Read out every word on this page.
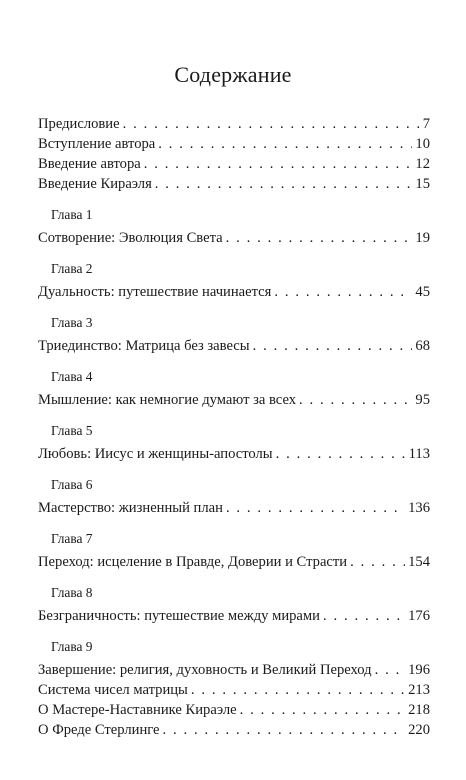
Содержание
Предисловие . . .	7
Вступление автора . . .	10
Введение автора . . .	12
Введение Кираэля . . .	15
Глава 1
Сотворение: Эволюция Света . . .	19
Глава 2
Дуальность: путешествие начинается . . .	45
Глава 3
Триединство: Матрица без завесы . . .	68
Глава 4
Мышление: как немногие думают за всех . . .	95
Глава 5
Любовь: Иисус и женщины-апостолы . . .	113
Глава 6
Мастерство: жизненный план . . .	136
Глава 7
Переход: исцеление в Правде, Доверии и Страсти . . .	154
Глава 8
Безграничность: путешествие между мирами . . .	176
Глава 9
Завершение: религия, духовность и Великий Переход . . .	196
Система чисел матрицы . . .	213
О Мастере-Наставнике Кираэле . . .	218
О Фреде Стерлинге . . .	220
